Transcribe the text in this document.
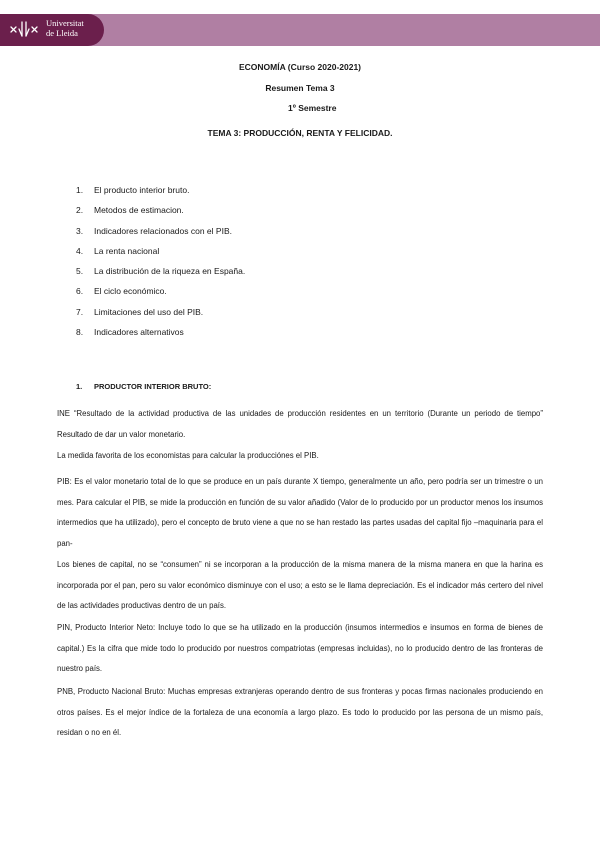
Universitat
de Lleida
ECONOMÍA (Curso 2020-2021)
Resumen Tema 3
1º Semestre
TEMA 3: PRODUCCIÓN, RENTA Y FELICIDAD.
1.	El producto interior bruto.
2.	Metodos de estimacion.
3.	Indicadores relacionados con el PIB.
4.	La renta nacional
5.	La distribución de la riqueza en España.
6.	El ciclo económico.
7.	Limitaciones del uso del PIB.
8.	Indicadores alternativos
1. PRODUCTOR INTERIOR BRUTO:

INE “Resultado de la actividad productiva de las unidades de producción residentes en un territorio (Durante un periodo de tiempo” Resultado de dar un valor monetario.

La medida favorita de los economistas para calcular la producciónes el PIB.

PIB: Es el valor monetario total de lo que se produce en un país durante X tiempo, generalmente un año, pero podría ser un trimestre o un mes. Para calcular el PIB, se mide la producción en función de su valor añadido (Valor de lo producido por un productor menos los insumos intermedios que ha utilizado), pero el concepto de bruto viene a que no se han restado las partes usadas del capital fijo –maquinaria para el pan-

Los bienes de capital, no se “consumen” ni se incorporan a la producción de la misma manera de la misma manera en que la harina es incorporada por el pan, pero su valor económico disminuye con el uso; a esto se le llama depreciación. Es el indicador más certero del nivel de las actividades productivas dentro de un país.

PIN, Producto Interior Neto: Incluye todo lo que se ha utilizado en la producción (insumos intermedios e insumos en forma de bienes de capital.) Es la cifra que mide todo lo producido por nuestros compatriotas (empresas incluidas), no lo producido dentro de las fronteras de nuestro país.

PNB, Producto Nacional Bruto: Muchas empresas extranjeras operando dentro de sus fronteras y pocas firmas nacionales produciendo en otros países. Es el mejor índice de la fortaleza de una economía a largo plazo. Es todo lo producido por las persona de un mismo país, residan o no en él.
